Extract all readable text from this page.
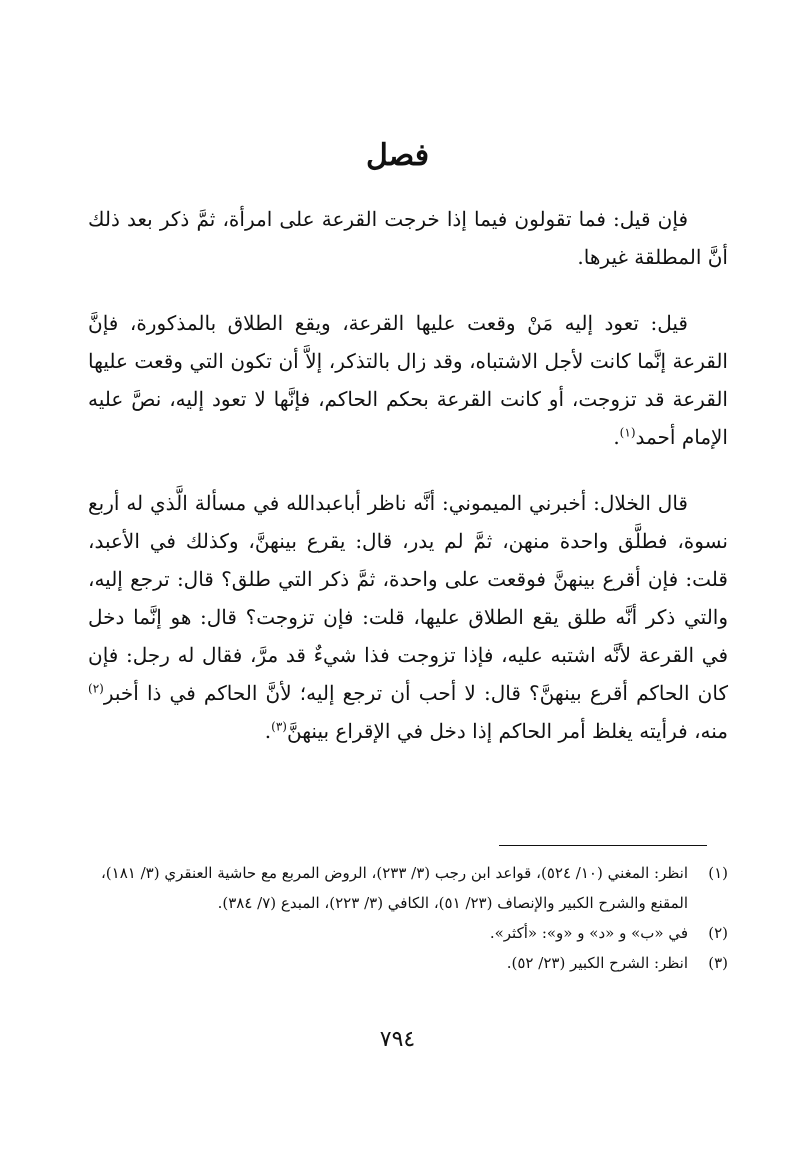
فصل

فإن قيل: فما تقولون فيما إذا خرجت القرعة على امرأة، ثمَّ ذكر بعد ذلك أنَّ المطلقة غيرها.

قيل: تعود إليه مَنْ وقعت عليها القرعة، ويقع الطلاق بالمذكورة، فإنَّ القرعة إنَّما كانت لأجل الاشتباه، وقد زال بالتذكر، إلاَّ أن تكون التي وقعت عليها القرعة قد تزوجت، أو كانت القرعة بحكم الحاكم، فإنَّها لا تعود إليه، نصَّ عليه الإمام أحمد$^{(١)}$.

قال الخلال: أخبرني الميموني: أنَّه ناظر أباعبدالله في مسألة الَّذي له أربع نسوة، فطلَّق واحدة منهن، ثمَّ لم يدر، قال: يقرع بينهنَّ، وكذلك في الأعبد، قلت: فإن أقرع بينهنَّ فوقعت على واحدة، ثمَّ ذكر التي طلق؟ قال: ترجع إليه، والتي ذكر أنَّه طلق يقع الطلاق عليها، قلت: فإن تزوجت؟ قال: هو إنَّما دخل في القرعة لأنَّه اشتبه عليه، فإذا تزوجت فذا شيءٌ قد مرَّ، فقال له رجل: فإن كان الحاكم أقرع بينهنَّ؟ قال: لا أحب أن ترجع إليه؛ لأنَّ الحاكم في ذا أخبر$^{(٢)}$ منه، فرأيته يغلظ أمر الحاكم إذا دخل في الإقراع بينهنَّ$^{(٣)}$.

(١)
انظر: المغني (١٠/ ٥٢٤)، قواعد ابن رجب (٣/ ٢٣٣)، الروض المربع مع حاشية العنقري (٣/ ١٨١)، المقنع والشرح الكبير والإنصاف (٢٣/ ٥١)، الكافي (٣/ ٢٢٣)، المبدع (٧/ ٣٨٤).
(٢)
في «ب» و «د» و «و»: «أكثر».
(٣)
انظر: الشرح الكبير (٢٣/ ٥٢).
٧٩٤
